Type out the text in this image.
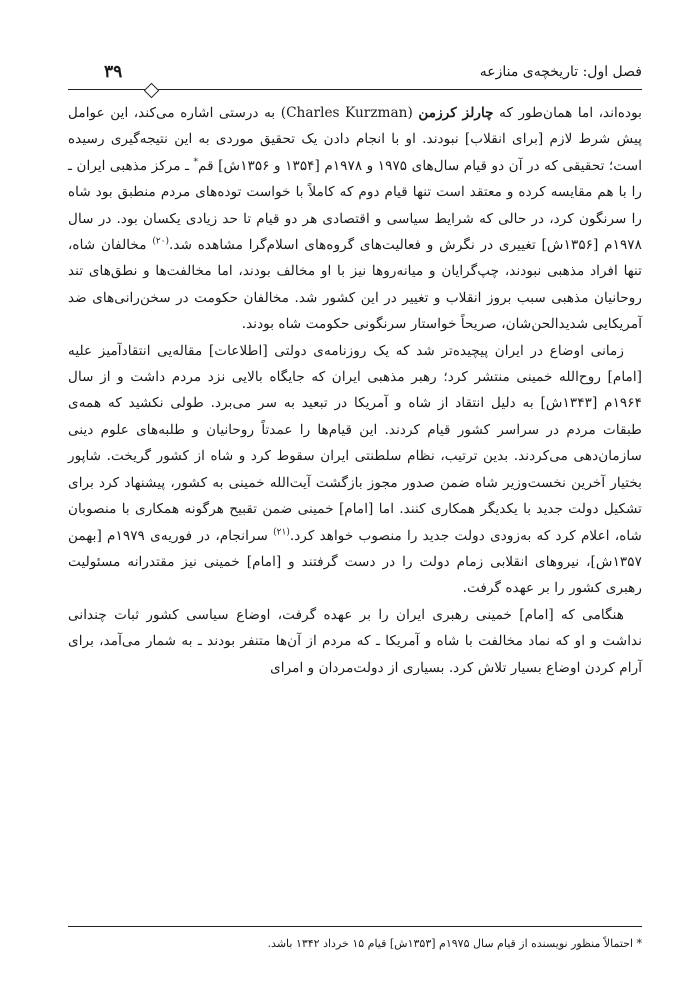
فصل اول: تاریخچه‌ی منازعه
۳۹

بوده‌اند، اما همان‌طور که چارلز کرزمن (Charles Kurzman) به درستی اشاره می‌کند، این عوامل پیش شرط لازم [برای انقلاب] نبودند. او با انجام دادن یک تحقیق موردی به این نتیجه‌گیری رسیده است؛ تحقیقی که در آن دو قیام سال‌های ۱۹۷۵ و ۱۹۷۸م [۱۳۵۴ و ۱۳۵۶ش] قم* ـ مرکز مذهبی ایران ـ را با هم مقایسه کرده و معتقد است تنها قیام دوم که کاملاً با خواست توده‌های مردم منطبق بود شاه را سرنگون کرد، در حالی که شرایط سیاسی و اقتصادی هر دو قیام تا حد زیادی یکسان بود. در سال ۱۹۷۸م [۱۳۵۶ش] تغییری در نگرش و فعالیت‌های گروه‌های اسلام‌گرا مشاهده شد.$^{(۲۰)}$ مخالفان شاه، تنها افراد مذهبی نبودند، چپ‌گرایان و میانه‌روها نیز با او مخالف بودند، اما مخالفت‌ها و نطق‌های تند روحانیان مذهبی سبب بروز انقلاب و تغییر در این کشور شد. مخالفان حکومت در سخن‌رانی‌های ضد آمریکایی شدیدالحن‌شان، صریحاً خواستار سرنگونی حکومت شاه بودند.

زمانی اوضاع در ایران پیچیده‌تر شد که یک روزنامه‌ی دولتی [اطلاعات] مقاله‌یی انتقادآمیز علیه [امام] روح‌الله خمینی منتشر کرد؛ رهبر مذهبی ایران که جایگاه بالایی نزد مردم داشت و از سال ۱۹۶۴م [۱۳۴۳ش] به دلیل انتقاد از شاه و آمریکا در تبعید به سر می‌برد. طولی نکشید که همه‌ی طبقات مردم در سراسر کشور قیام کردند. این قیام‌ها را عمدتاً روحانیان و طلبه‌های علوم دینی سازمان‌دهی می‌کردند. بدین ترتیب، نظام سلطنتی ایران سقوط کرد و شاه از کشور گریخت. شاپور بختیار آخرین نخست‌وزیر شاه ضمن صدور مجوز بازگشت آیت‌الله خمینی به کشور، پیشنهاد کرد برای تشکیل دولت جدید با یکدیگر همکاری کنند. اما [امام] خمینی ضمن تقبیح هرگونه همکاری با منصوبان شاه، اعلام کرد که به‌زودی دولت جدید را منصوب خواهد کرد.$^{(۲۱)}$ سرانجام، در فوریه‌ی ۱۹۷۹م [بهمن ۱۳۵۷ش]، نیروهای انقلابی زمام دولت را در دست گرفتند و [امام] خمینی نیز مقتدرانه مسئولیت رهبری کشور را بر عهده گرفت.

هنگامی که [امام] خمینی رهبری ایران را بر عهده گرفت، اوضاع سیاسی کشور ثبات چندانی نداشت و او که نماد مخالفت با شاه و آمریکا ـ که مردم از آن‌ها متنفر بودند ـ به شمار می‌آمد، برای آرام کردن اوضاع بسیار تلاش کرد. بسیاری از دولت‌مردان و امرای

* احتمالاً منظور نویسنده از قیام سال ۱۹۷۵م [۱۳۵۳ش] قیام ۱۵ خرداد ۱۳۴۲ باشد.
